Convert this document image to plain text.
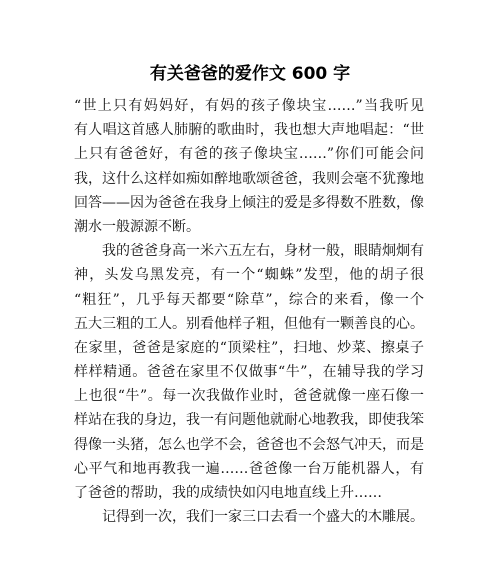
有关爸爸的爱作文 600 字
“世上只有妈妈好，有妈的孩子像块宝……”当我听见
有人唱这首感人肺腑的歌曲时，我也想大声地唱起：“世
上只有爸爸好，有爸的孩子像块宝……”你们可能会问
我，这什么这样如痴如醉地歌颂爸爸，我则会毫不犹豫地
回答——因为爸爸在我身上倾注的爱是多得数不胜数，像
潮水一般源源不断。
我的爸爸身高一米六五左右，身材一般，眼睛炯炯有
神，头发乌黑发亮，有一个“蜘蛛”发型，他的胡子很
“粗狂”，几乎每天都要“除草”，综合的来看，像一个
五大三粗的工人。别看他样子粗，但他有一颗善良的心。
在家里，爸爸是家庭的“顶梁柱”，扫地、炒菜、擦桌子
样样精通。爸爸在家里不仅做事“牛”，在辅导我的学习
上也很“牛”。每一次我做作业时，爸爸就像一座石像一
样站在我的身边，我一有问题他就耐心地教我，即使我笨
得像一头猪，怎么也学不会，爸爸也不会怒气冲天，而是
心平气和地再教我一遍……爸爸像一台万能机器人，有
了爸爸的帮助，我的成绩快如闪电地直线上升……
记得到一次，我们一家三口去看一个盛大的木雕展。
